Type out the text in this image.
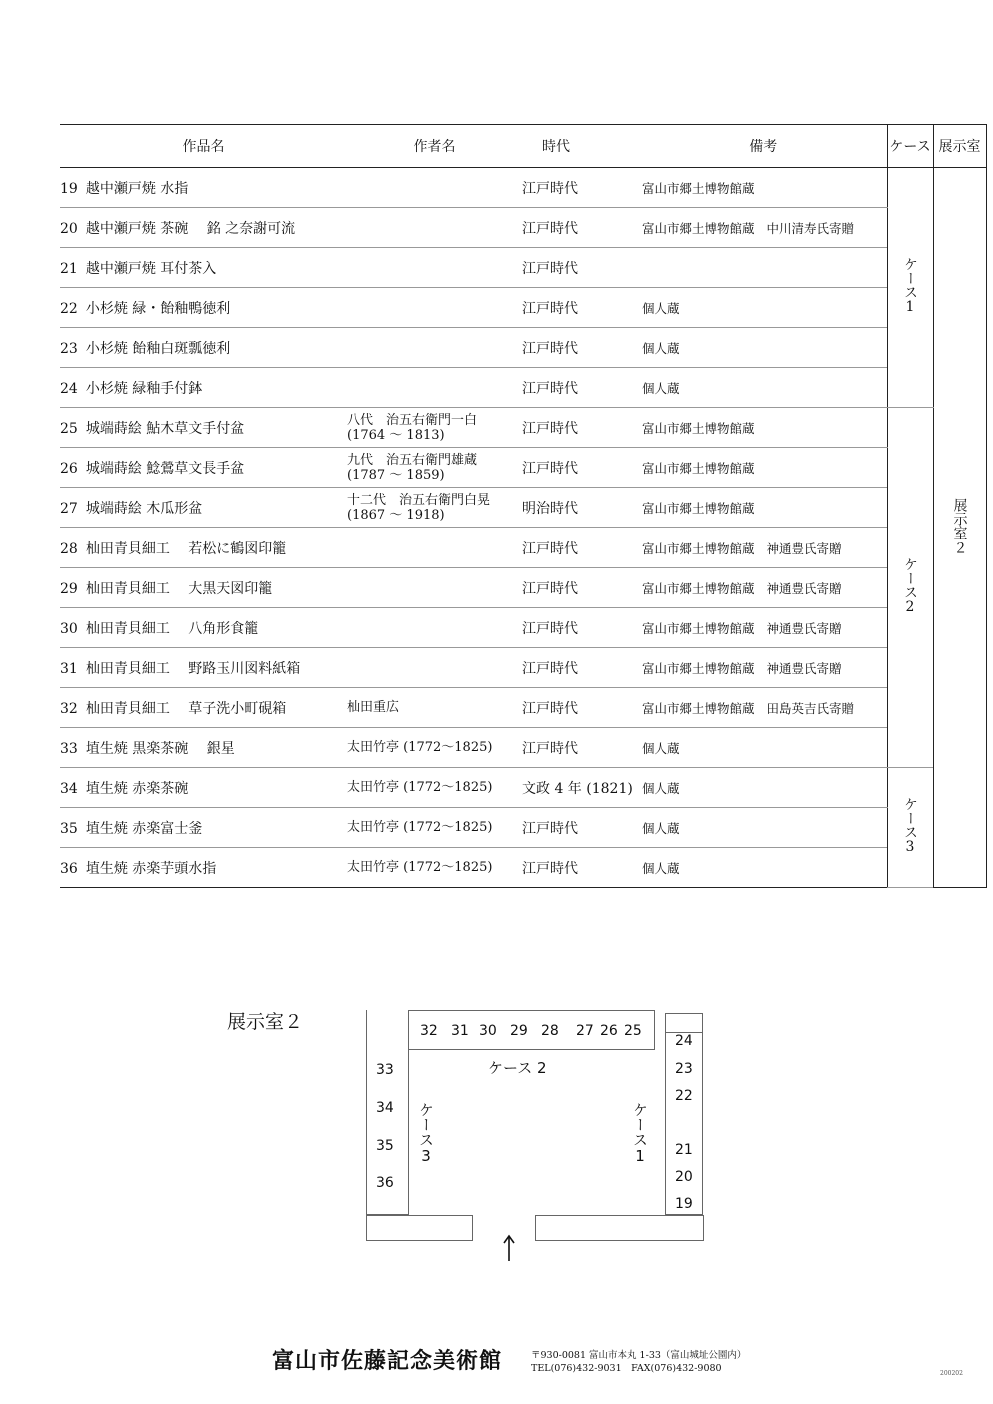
作品名	作者名	時代	備考	ケース	展示室
19 越中瀬戸焼 水指		江戸時代	富山市郷土博物館蔵	ケース1	展示室２
20 越中瀬戸焼 茶碗　 銘 之奈謝可流		江戸時代	富山市郷土博物館蔵 中川清寿氏寄贈		
21 越中瀬戸焼 耳付茶入		江戸時代			
22 小杉焼 緑・飴釉鴨徳利		江戸時代	個人蔵		
23 小杉焼 飴釉白斑瓢徳利		江戸時代	個人蔵		
24 小杉焼 緑釉手付鉢		江戸時代	個人蔵		
25 城端蒔絵 鮎木草文手付盆	八代　治五右衛門一白
(1764 ～ 1813)	江戸時代	富山市郷土博物館蔵	ケース2	
26 城端蒔絵 鯰鶯草文長手盆	九代　治五右衛門雄蔵
(1787 ～ 1859)	江戸時代	富山市郷土博物館蔵		
27 城端蒔絵 木瓜形盆	十二代　治五右衛門白晃
(1867 ～ 1918)	明治時代	富山市郷土博物館蔵		
28 杣田青貝細工　 若松に鶴図印籠		江戸時代	富山市郷土博物館蔵 神通豊氏寄贈		
29 杣田青貝細工　 大黒天図印籠		江戸時代	富山市郷土博物館蔵 神通豊氏寄贈		
30 杣田青貝細工　 八角形食籠		江戸時代	富山市郷土博物館蔵 神通豊氏寄贈		
31 杣田青貝細工　 野路玉川図料紙箱		江戸時代	富山市郷土博物館蔵 神通豊氏寄贈		
32 杣田青貝細工　 草子洗小町硯箱	杣田重広	江戸時代	富山市郷土博物館蔵 田島英吉氏寄贈		
33 埴生焼 黒楽茶碗　 銀星	太田竹亭 (1772～1825)	江戸時代	個人蔵		
34 埴生焼 赤楽茶碗	太田竹亭 (1772～1825)	文政 4 年 (1821)	個人蔵	ケース3	
35 埴生焼 赤楽富士釜	太田竹亭 (1772～1825)	江戸時代	個人蔵		
36 埴生焼 赤楽芋頭水指	太田竹亭 (1772～1825)	江戸時代	個人蔵		
展示室２	32 31 30 29 28 27 26 25
24
23
22
21
20
19
33
34
35
36
ケース 2
ケース3	ケース1
富山市佐藤記念美術館	〒930-0081 富山市本丸 1-33（富山城址公園内）
TEL(076)432-9031　FAX(076)432-9080	200202
